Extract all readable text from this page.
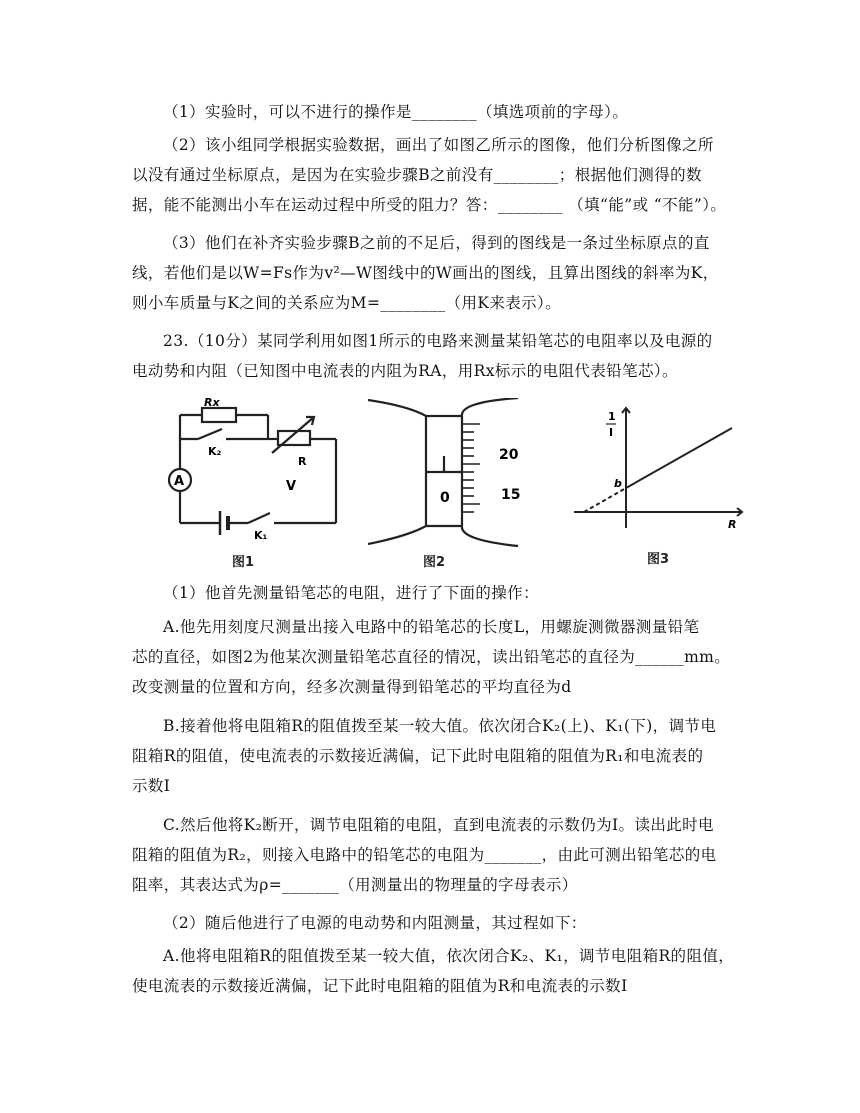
（1）实验时，可以不进行的操作是________（填选项前的字母）。
（2）该小组同学根据实验数据，画出了如图乙所示的图像，他们分析图像之所
以没有通过坐标原点，是因为在实验步骤B之前没有________；根据他们测得的数
据，能不能测出小车在运动过程中所受的阻力？答：________ （填“能”或 “不能”）。
（3）他们在补齐实验步骤B之前的不足后，得到的图线是一条过坐标原点的直
线，若他们是以W=Fs作为v²—W图线中的W画出的图线，且算出图线的斜率为K，
则小车质量与K之间的关系应为M=________（用K来表示）。
23.（10分）某同学利用如图1所示的电路来测量某铅笔芯的电阻率以及电源的
电动势和内阻（已知图中电流表的内阻为RA，用Rx标示的电阻代表铅笔芯）。
Rx
K₂
R
A	V
K₁
图1
20
15
0
图2
1
I
b
R
图3
（1）他首先测量铅笔芯的电阻，进行了下面的操作：
A.他先用刻度尺测量出接入电路中的铅笔芯的长度L，用螺旋测微器测量铅笔
芯的直径，如图2为他某次测量铅笔芯直径的情况，读出铅笔芯的直径为______mm。
改变测量的位置和方向，经多次测量得到铅笔芯的平均直径为d
B.接着他将电阻箱R的阻值拨至某一较大值。依次闭合K₂(上)、K₁(下)，调节电
阻箱R的阻值，使电流表的示数接近满偏，记下此时电阻箱的阻值为R₁和电流表的
示数I
C.然后他将K₂断开，调节电阻箱的电阻，直到电流表的示数仍为I。读出此时电
阻箱的阻值为R₂，则接入电路中的铅笔芯的电阻为_______，由此可测出铅笔芯的电
阻率，其表达式为ρ=_______（用测量出的物理量的字母表示）
（2）随后他进行了电源的电动势和内阻测量，其过程如下：
A.他将电阻箱R的阻值拨至某一较大值，依次闭合K₂、K₁，调节电阻箱R的阻值，
使电流表的示数接近满偏，记下此时电阻箱的阻值为R和电流表的示数I
